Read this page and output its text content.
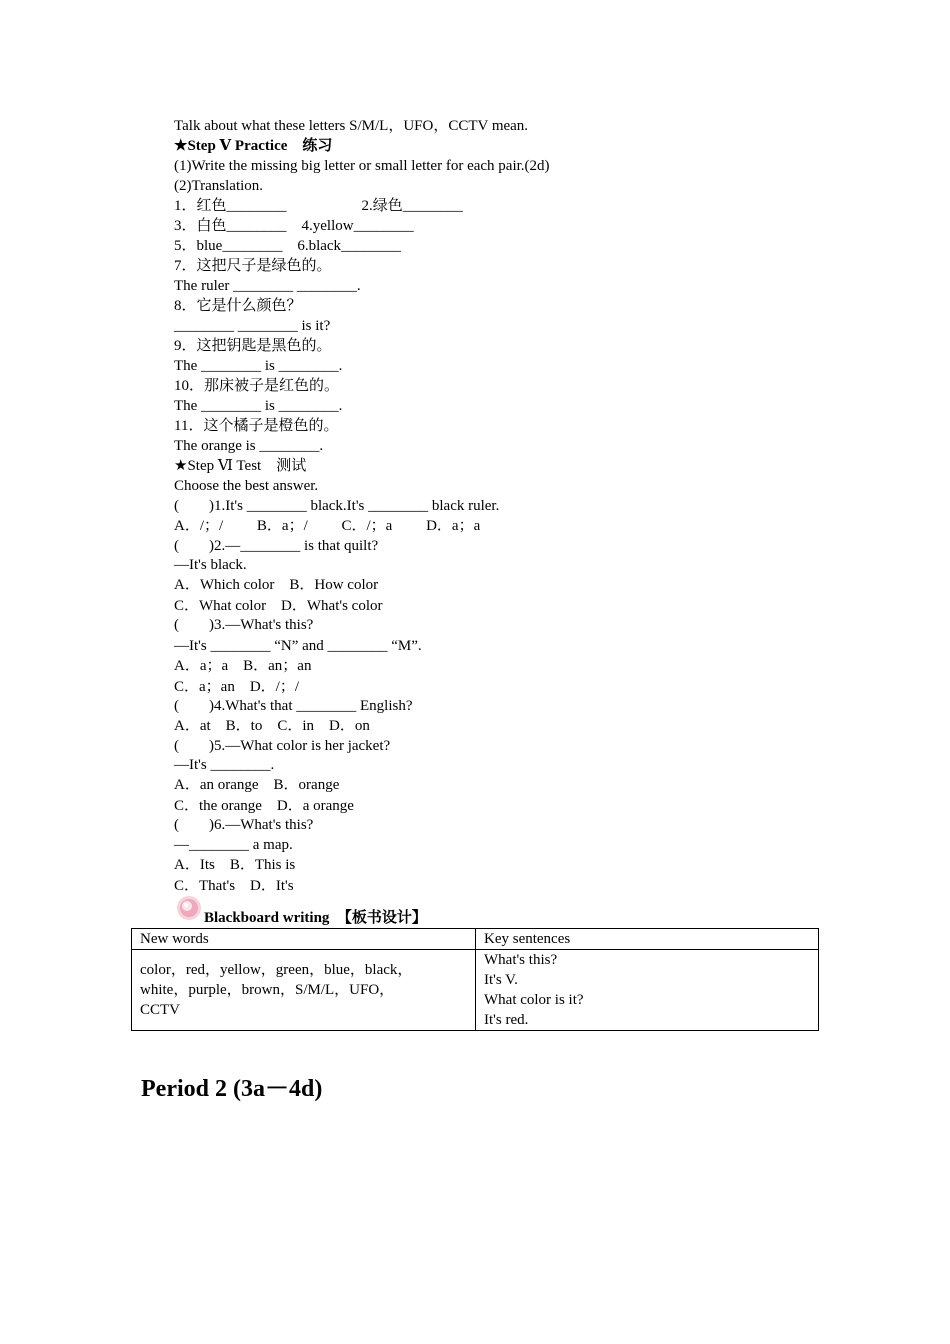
Talk about what these letters S/M/L，UFO，CCTV mean.
★Step Ⅴ Practice　练习
(1)Write the missing big letter or small letter for each pair.(2d)
(2)Translation.
1．红色________　　　　　2.绿色________
3．白色________　4.yellow________
5．blue________　6.black________
7．这把尺子是绿色的。
The ruler ________ ________.
8．它是什么颜色？
________ ________ is it?
9．这把钥匙是黑色的。
The ________ is ________.
10．那床被子是红色的。
The ________ is ________.
11．这个橘子是橙色的。
The orange is ________.
★Step Ⅵ Test　测试
Choose the best answer.
(　　)1.It's ________ black.It's ________ black ruler.
A．/；/　　 B．a；/　　 C．/；a　　 D．a；a
(　　)2.—________ is that quilt?
—It's black.
A．Which color　B．How color
C．What color　D．What's color
(　　)3.—What's this?
—It's ________ “N” and ________ “M”.
A．a；a　B．an；an
C．a；an　D．/；/
(　　)4.What's that ________ English?
A．at　B．to　C．in　D．on
(　　)5.—What color is her jacket?
—It's ________.
A．an orange　B．orange
C．the orange　D．a orange
(　　)6.—What's this?
—________ a map.
A．Its　B．This is
C．That's　D．It's
Blackboard writing　【板书设计】
New words	Key sentences

color，red，yellow，green，blue，black，
white，purple，brown，S/M/L，UFO，
CCTV	What's this?
It's V.
What color is it?
It's red.
Period 2 (3a－4d)
